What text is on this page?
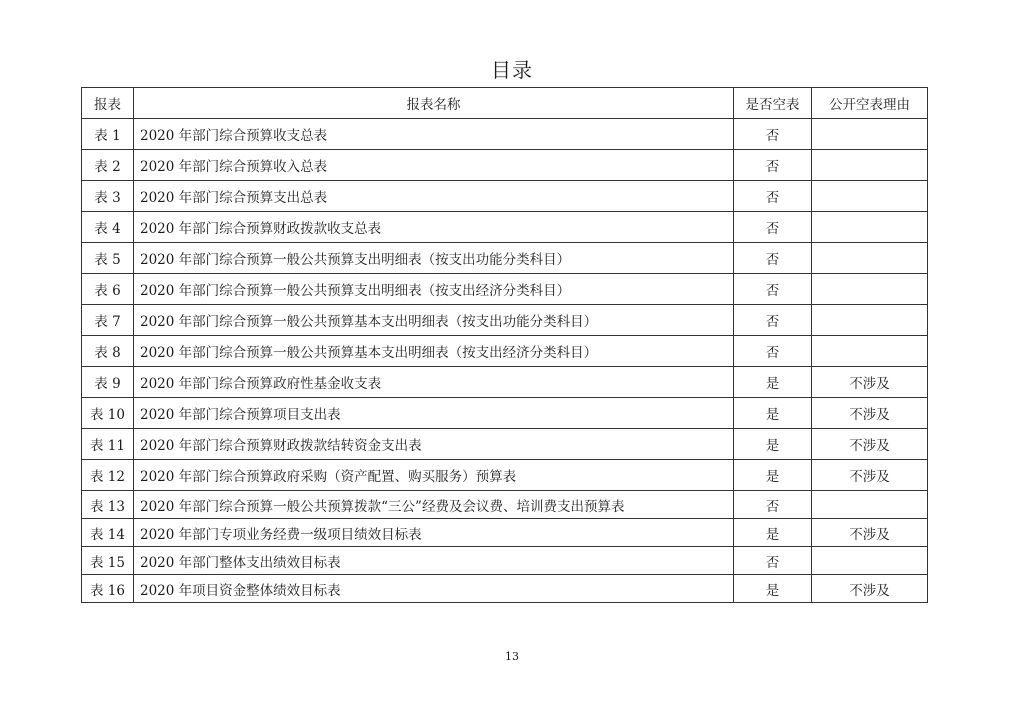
目录
报表	报表名称	是否空表	公开空表理由
表 1	2020 年部门综合预算收支总表	否	
表 2	2020 年部门综合预算收入总表	否	
表 3	2020 年部门综合预算支出总表	否	
表 4	2020 年部门综合预算财政拨款收支总表	否	
表 5	2020 年部门综合预算一般公共预算支出明细表（按支出功能分类科目）	否	
表 6	2020 年部门综合预算一般公共预算支出明细表（按支出经济分类科目）	否	
表 7	2020 年部门综合预算一般公共预算基本支出明细表（按支出功能分类科目）	否	
表 8	2020 年部门综合预算一般公共预算基本支出明细表（按支出经济分类科目）	否	
表 9	2020 年部门综合预算政府性基金收支表	是	不涉及
表 10	2020 年部门综合预算项目支出表	是	不涉及
表 11	2020 年部门综合预算财政拨款结转资金支出表	是	不涉及
表 12	2020 年部门综合预算政府采购（资产配置、购买服务）预算表	是	不涉及
表 13	2020 年部门综合预算一般公共预算拨款“三公”经费及会议费、培训费支出预算表	否	
表 14	2020 年部门专项业务经费一级项目绩效目标表	是	不涉及
表 15	2020 年部门整体支出绩效目标表	否	
表 16	2020 年项目资金整体绩效目标表	是	不涉及
13
